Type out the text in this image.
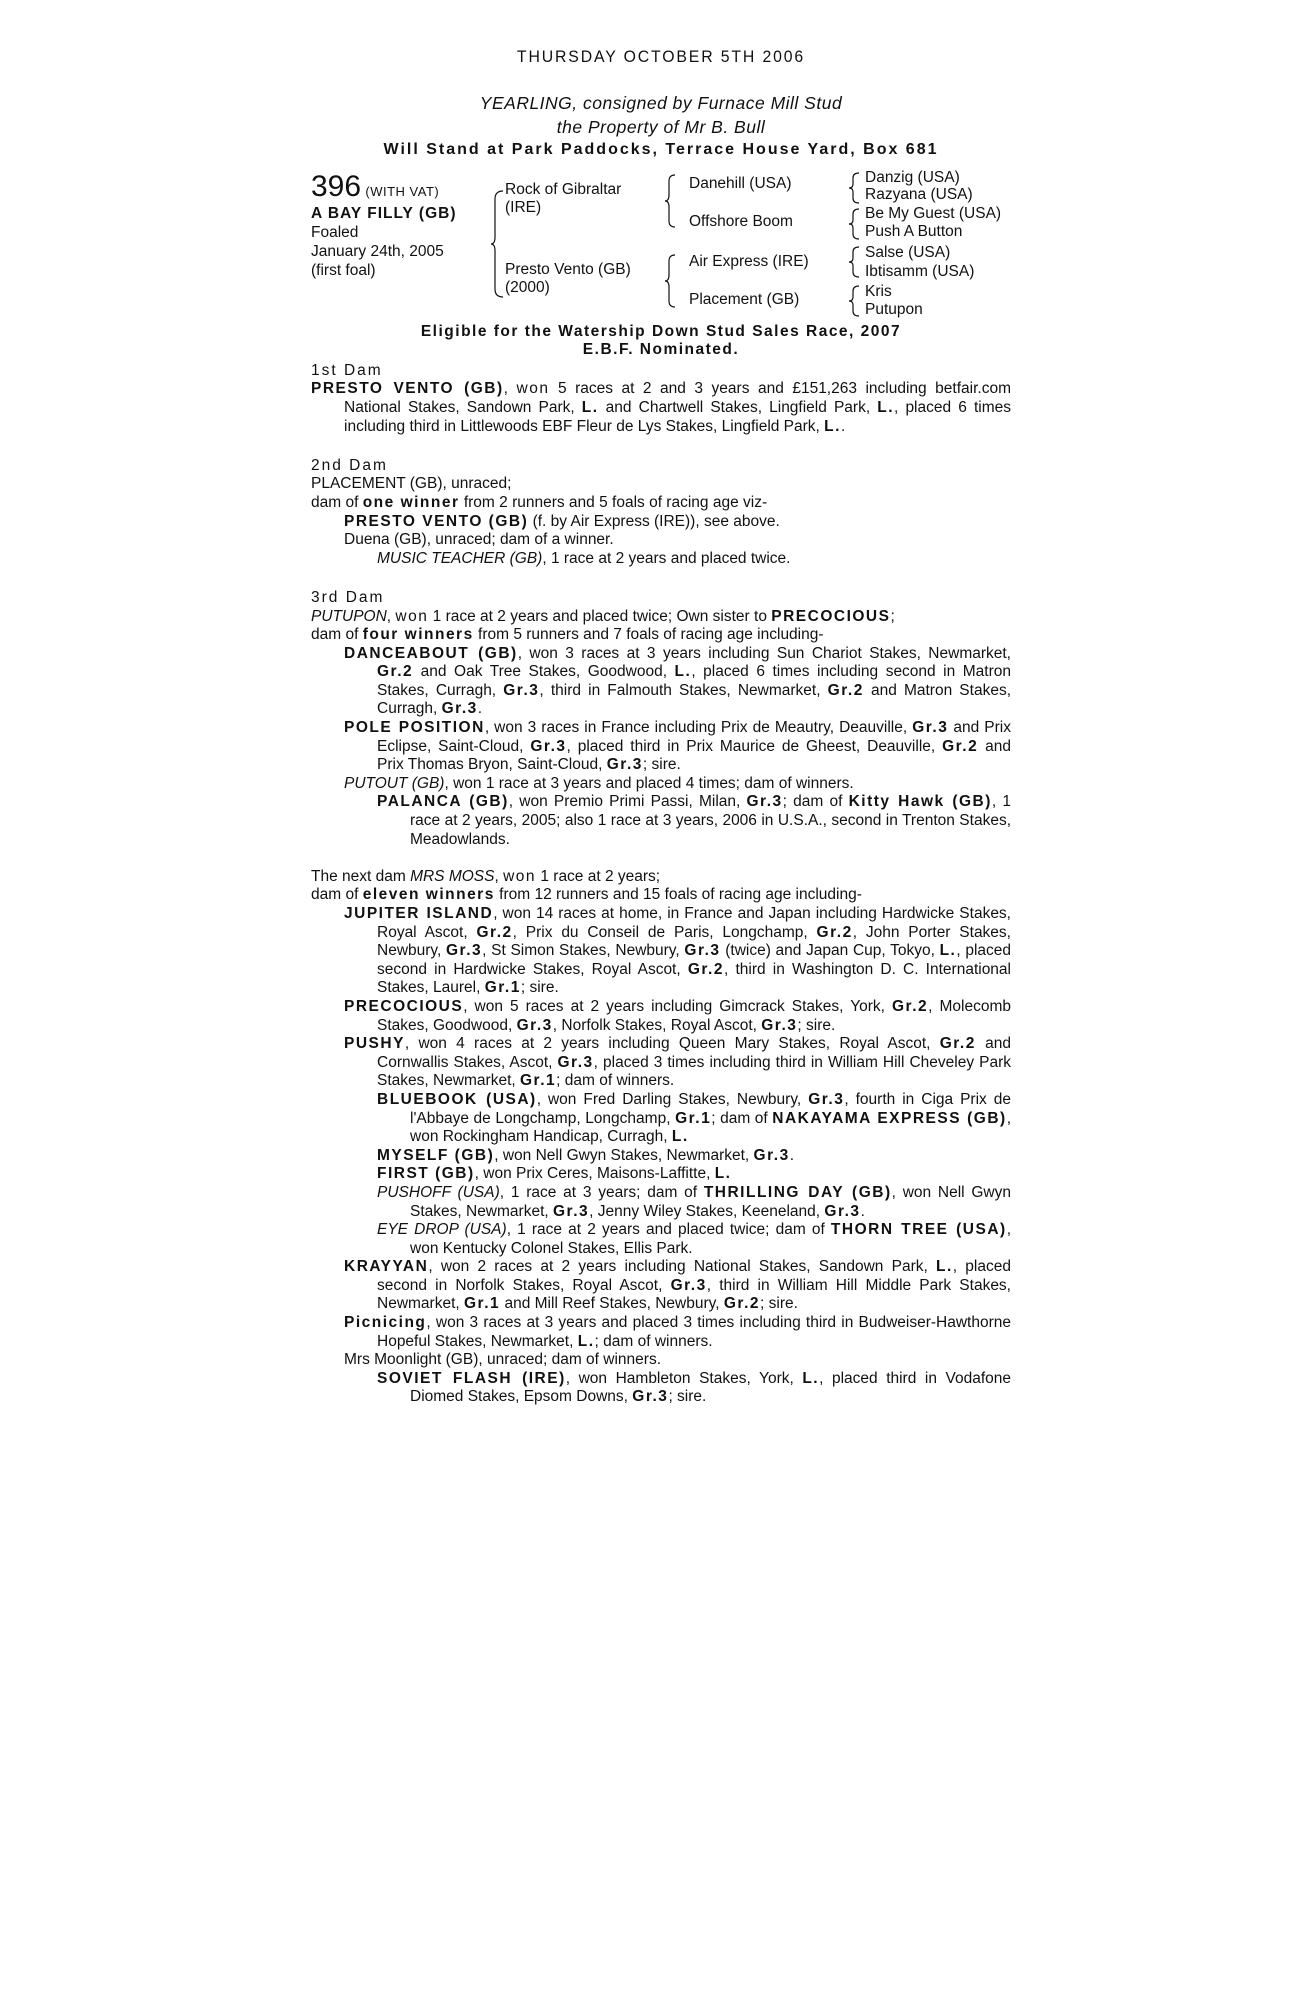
THURSDAY OCTOBER 5TH 2006
YEARLING, consigned by Furnace Mill Stud
the Property of Mr B. Bull
Will Stand at Park Paddocks, Terrace House Yard, Box 681
396 (WITH VAT)
A BAY FILLY (GB)
Foaled
January 24th, 2005
(first foal)
Rock of Gibraltar
(IRE)
Presto Vento (GB)
(2000)
Danehill (USA)
Offshore Boom
Air Express (IRE)
Placement (GB)
Danzig (USA)
Razyana (USA)
Be My Guest (USA)
Push A Button
Salse (USA)
Ibtisamm (USA)
Kris
Putupon
Eligible for the Watership Down Stud Sales Race, 2007
E.B.F. Nominated.
1st Dam
PRESTO VENTO (GB), won 5 races at 2 and 3 years and £151,263 including betfair.com National Stakes, Sandown Park, L. and Chartwell Stakes, Lingfield Park, L., placed 6 times including third in Littlewoods EBF Fleur de Lys Stakes, Lingfield Park, L..
2nd Dam
PLACEMENT (GB), unraced;
dam of one winner from 2 runners and 5 foals of racing age viz-
PRESTO VENTO (GB) (f. by Air Express (IRE)), see above.
Duena (GB), unraced; dam of a winner.
MUSIC TEACHER (GB), 1 race at 2 years and placed twice.
3rd Dam
PUTUPON, won 1 race at 2 years and placed twice; Own sister to PRECOCIOUS;
dam of four winners from 5 runners and 7 foals of racing age including-
DANCEABOUT (GB), won 3 races at 3 years including Sun Chariot Stakes, Newmarket, Gr.2 and Oak Tree Stakes, Goodwood, L., placed 6 times including second in Matron Stakes, Curragh, Gr.3, third in Falmouth Stakes, Newmarket, Gr.2 and Matron Stakes, Curragh, Gr.3.
POLE POSITION, won 3 races in France including Prix de Meautry, Deauville, Gr.3 and Prix Eclipse, Saint-Cloud, Gr.3, placed third in Prix Maurice de Gheest, Deauville, Gr.2 and Prix Thomas Bryon, Saint-Cloud, Gr.3; sire.
PUTOUT (GB), won 1 race at 3 years and placed 4 times; dam of winners.
PALANCA (GB), won Premio Primi Passi, Milan, Gr.3; dam of Kitty Hawk (GB), 1 race at 2 years, 2005; also 1 race at 3 years, 2006 in U.S.A., second in Trenton Stakes, Meadowlands.
The next dam MRS MOSS, won 1 race at 2 years;
dam of eleven winners from 12 runners and 15 foals of racing age including-
JUPITER ISLAND, won 14 races at home, in France and Japan including Hardwicke Stakes, Royal Ascot, Gr.2, Prix du Conseil de Paris, Longchamp, Gr.2, John Porter Stakes, Newbury, Gr.3, St Simon Stakes, Newbury, Gr.3 (twice) and Japan Cup, Tokyo, L., placed second in Hardwicke Stakes, Royal Ascot, Gr.2, third in Washington D. C. International Stakes, Laurel, Gr.1; sire.
PRECOCIOUS, won 5 races at 2 years including Gimcrack Stakes, York, Gr.2, Molecomb Stakes, Goodwood, Gr.3, Norfolk Stakes, Royal Ascot, Gr.3; sire.
PUSHY, won 4 races at 2 years including Queen Mary Stakes, Royal Ascot, Gr.2 and Cornwallis Stakes, Ascot, Gr.3, placed 3 times including third in William Hill Cheveley Park Stakes, Newmarket, Gr.1; dam of winners.
BLUEBOOK (USA), won Fred Darling Stakes, Newbury, Gr.3, fourth in Ciga Prix de l'Abbaye de Longchamp, Longchamp, Gr.1; dam of NAKAYAMA EXPRESS (GB), won Rockingham Handicap, Curragh, L.
MYSELF (GB), won Nell Gwyn Stakes, Newmarket, Gr.3.
FIRST (GB), won Prix Ceres, Maisons-Laffitte, L.
PUSHOFF (USA), 1 race at 3 years; dam of THRILLING DAY (GB), won Nell Gwyn Stakes, Newmarket, Gr.3, Jenny Wiley Stakes, Keeneland, Gr.3.
EYE DROP (USA), 1 race at 2 years and placed twice; dam of THORN TREE (USA), won Kentucky Colonel Stakes, Ellis Park.
KRAYYAN, won 2 races at 2 years including National Stakes, Sandown Park, L., placed second in Norfolk Stakes, Royal Ascot, Gr.3, third in William Hill Middle Park Stakes, Newmarket, Gr.1 and Mill Reef Stakes, Newbury, Gr.2; sire.
Picnicing, won 3 races at 3 years and placed 3 times including third in Budweiser-Hawthorne Hopeful Stakes, Newmarket, L.; dam of winners.
Mrs Moonlight (GB), unraced; dam of winners.
SOVIET FLASH (IRE), won Hambleton Stakes, York, L., placed third in Vodafone Diomed Stakes, Epsom Downs, Gr.3; sire.
